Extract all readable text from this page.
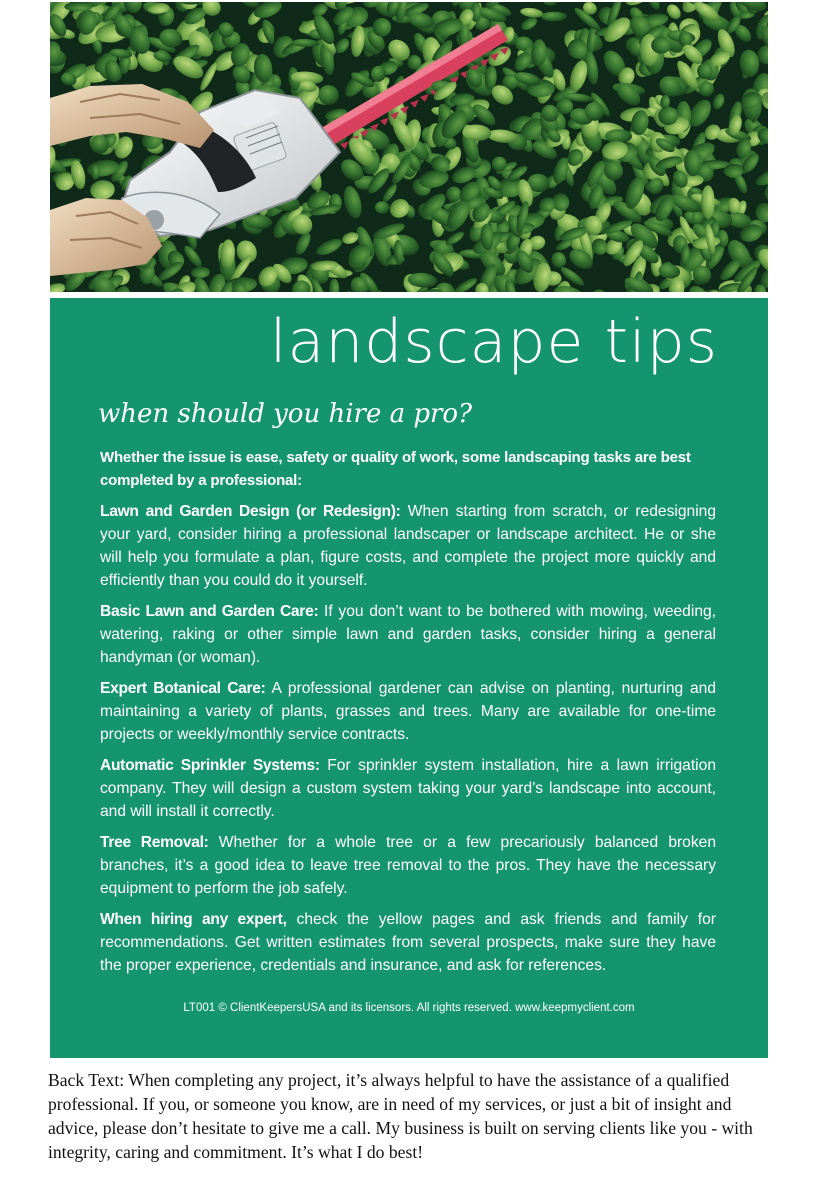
landscape tips
when should you hire a pro?

Whether the issue is ease, safety or quality of work, some landscaping tasks are best completed by a professional:

Lawn and Garden Design (or Redesign): When starting from scratch, or redesigning your yard, consider hiring a professional landscaper or landscape architect. He or she will help you formulate a plan, figure costs, and complete the project more quickly and efficiently than you could do it yourself.

Basic Lawn and Garden Care: If you don’t want to be bothered with mowing, weeding, watering, raking or other simple lawn and garden tasks, consider hiring a general handyman (or woman).

Expert Botanical Care: A professional gardener can advise on planting, nurturing and maintaining a variety of plants, grasses and trees. Many are available for one-time projects or weekly/monthly service contracts.

Automatic Sprinkler Systems: For sprinkler system installation, hire a lawn irrigation company. They will design a custom system taking your yard’s landscape into account, and will install it correctly.

Tree Removal: Whether for a whole tree or a few precariously balanced broken branches, it’s a good idea to leave tree removal to the pros. They have the necessary equipment to perform the job safely.

When hiring any expert, check the yellow pages and ask friends and family for recommendations. Get written estimates from several prospects, make sure they have the proper experience, credentials and insurance, and ask for references.

LT001 © ClientKeepersUSA and its licensors. All rights reserved. www.keepmyclient.com

Back Text: When completing any project, it’s always helpful to have the assistance of a qualified professional. If you, or someone you know, are in need of my services, or just a bit of insight and advice, please don’t hesitate to give me a call. My business is built on serving clients like you - with integrity, caring and commitment. It’s what I do best!
